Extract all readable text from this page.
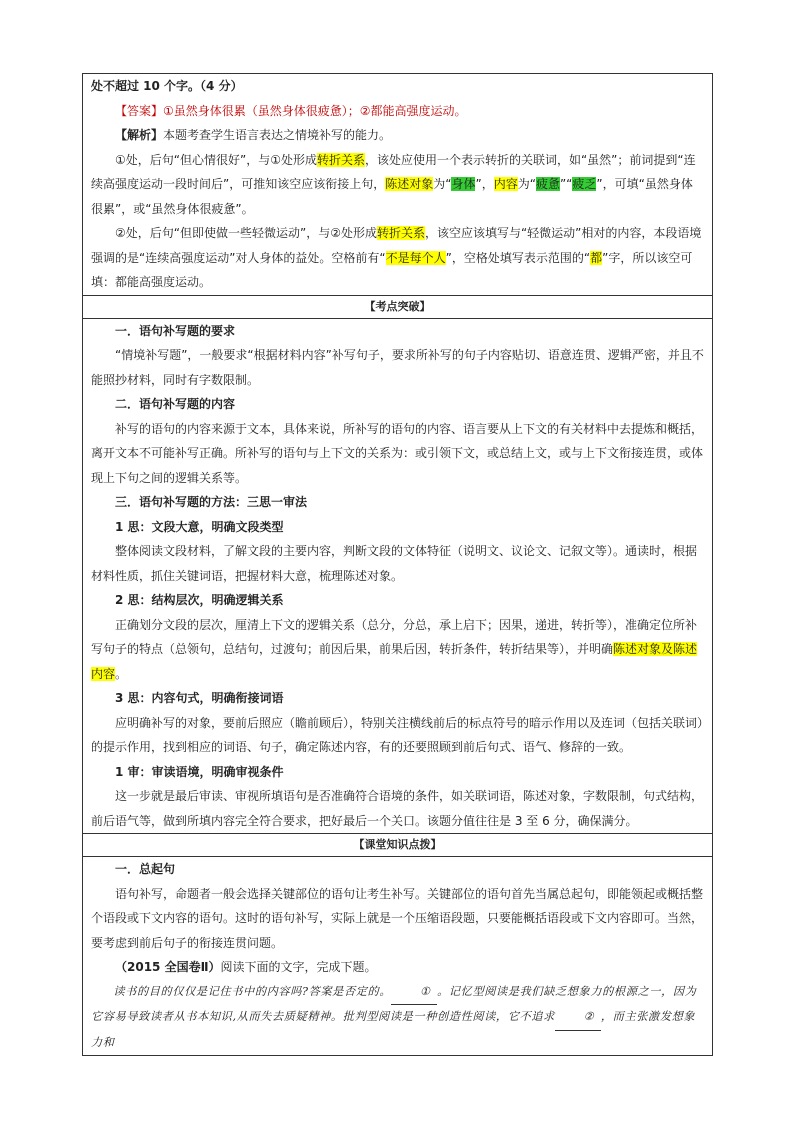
处不超过 10 个字。（4 分）

【答案】①虽然身体很累（虽然身体很疲惫）；②都能高强度运动。

【解析】本题考查学生语言表达之情境补写的能力。

①处，后句“但心情很好”，与①处形成转折关系，该处应使用一个表示转折的关联词，如“虽然”；前词提到“连续高强度运动一段时间后”，可推知该空应该衔接上句，陈述对象为“身体”，内容为“疲惫”“疲乏”，可填“虽然身体很累”，或“虽然身体很疲惫”。

②处，后句“但即使做一些轻微运动”，与②处形成转折关系，该空应该填写与“轻微运动”相对的内容，本段语境强调的是“连续高强度运动”对人身体的益处。空格前有“不是每个人”，空格处填写表示范围的“都”字，所以该空可填：都能高强度运动。

【考点突破】

一．语句补写题的要求

“情境补写题”，一般要求“根据材料内容”补写句子，要求所补写的句子内容贴切、语意连贯、逻辑严密，并且不能照抄材料，同时有字数限制。

二．语句补写题的内容

补写的语句的内容来源于文本，具体来说，所补写的语句的内容、语言要从上下文的有关材料中去提炼和概括，离开文本不可能补写正确。所补写的语句与上下文的关系为：或引领下文，或总结上文，或与上下文衔接连贯，或体现上下句之间的逻辑关系等。

三．语句补写题的方法：三思一审法

1 思：文段大意，明确文段类型

整体阅读文段材料，了解文段的主要内容，判断文段的文体特征（说明文、议论文、记叙文等）。通读时，根据材料性质，抓住关键词语，把握材料大意，梳理陈述对象。

2 思：结构层次，明确逻辑关系

正确划分文段的层次，厘清上下文的逻辑关系（总分，分总，承上启下；因果，递进，转折等），准确定位所补写句子的特点（总领句，总结句，过渡句；前因后果，前果后因，转折条件，转折结果等），并明确陈述对象及陈述内容。

3 思：内容句式，明确衔接词语

应明确补写的对象，要前后照应（瞻前顾后），特别关注横线前后的标点符号的暗示作用以及连词（包括关联词）的提示作用，找到相应的词语、句子，确定陈述内容，有的还要照顾到前后句式、语气、修辞的一致。

1 审：审读语境，明确审视条件

这一步就是最后审读、审视所填语句是否准确符合语境的条件，如关联词语，陈述对象，字数限制，句式结构，前后语气等，做到所填内容完全符合要求，把好最后一个关口。该题分值往往是 3 至 6 分，确保满分。

【课堂知识点拨】

一．总起句

语句补写，命题者一般会选择关键部位的语句让考生补写。关键部位的语句首先当属总起句，即能领起或概括整个语段或下文内容的语句。这时的语句补写，实际上就是一个压缩语段题，只要能概括语段或下文内容即可。当然，要考虑到前后句子的衔接连贯问题。

（2015 全国卷Ⅱ）阅读下面的文字，完成下题。

读书的目的仅仅是记住书中的内容吗?答案是否定的。	① 。记忆型阅读是我们缺乏想象力的根源之一，因为它容易导致读者从书本知识,从而失去质疑精神。批判型阅读是一种创造性阅读，它不追求	② ，而主张激发想象力和
